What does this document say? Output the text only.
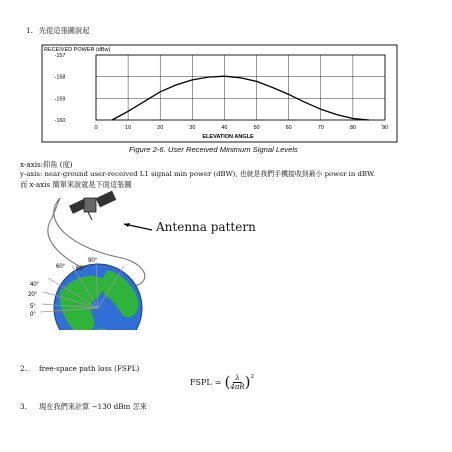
1. 先從這張圖說起
-157
-158
-159
-160
0	10	20	30	40	50	60	70	80	90
RECEIVED POWER (dBw)
ELEVATION ANGLE
Figure 2-6. User Received Minimum Signal Levels
x-axis:仰角 (度)
y-axis: near-ground user-received L1 signal min power (dBW), 也就是我們手機接收到最小 power in dBW.
而 x-axis 簡單來說就是下面這張圖
60°
90°
60°
40°
20°
5°
0°
Antenna pattern
2. free-space path loss (FSPL)
FSPL = ( $\frac{\lambda}{4\pi R}$ ) 2
3. 現在我們來計算 −130 dBm 怎來
